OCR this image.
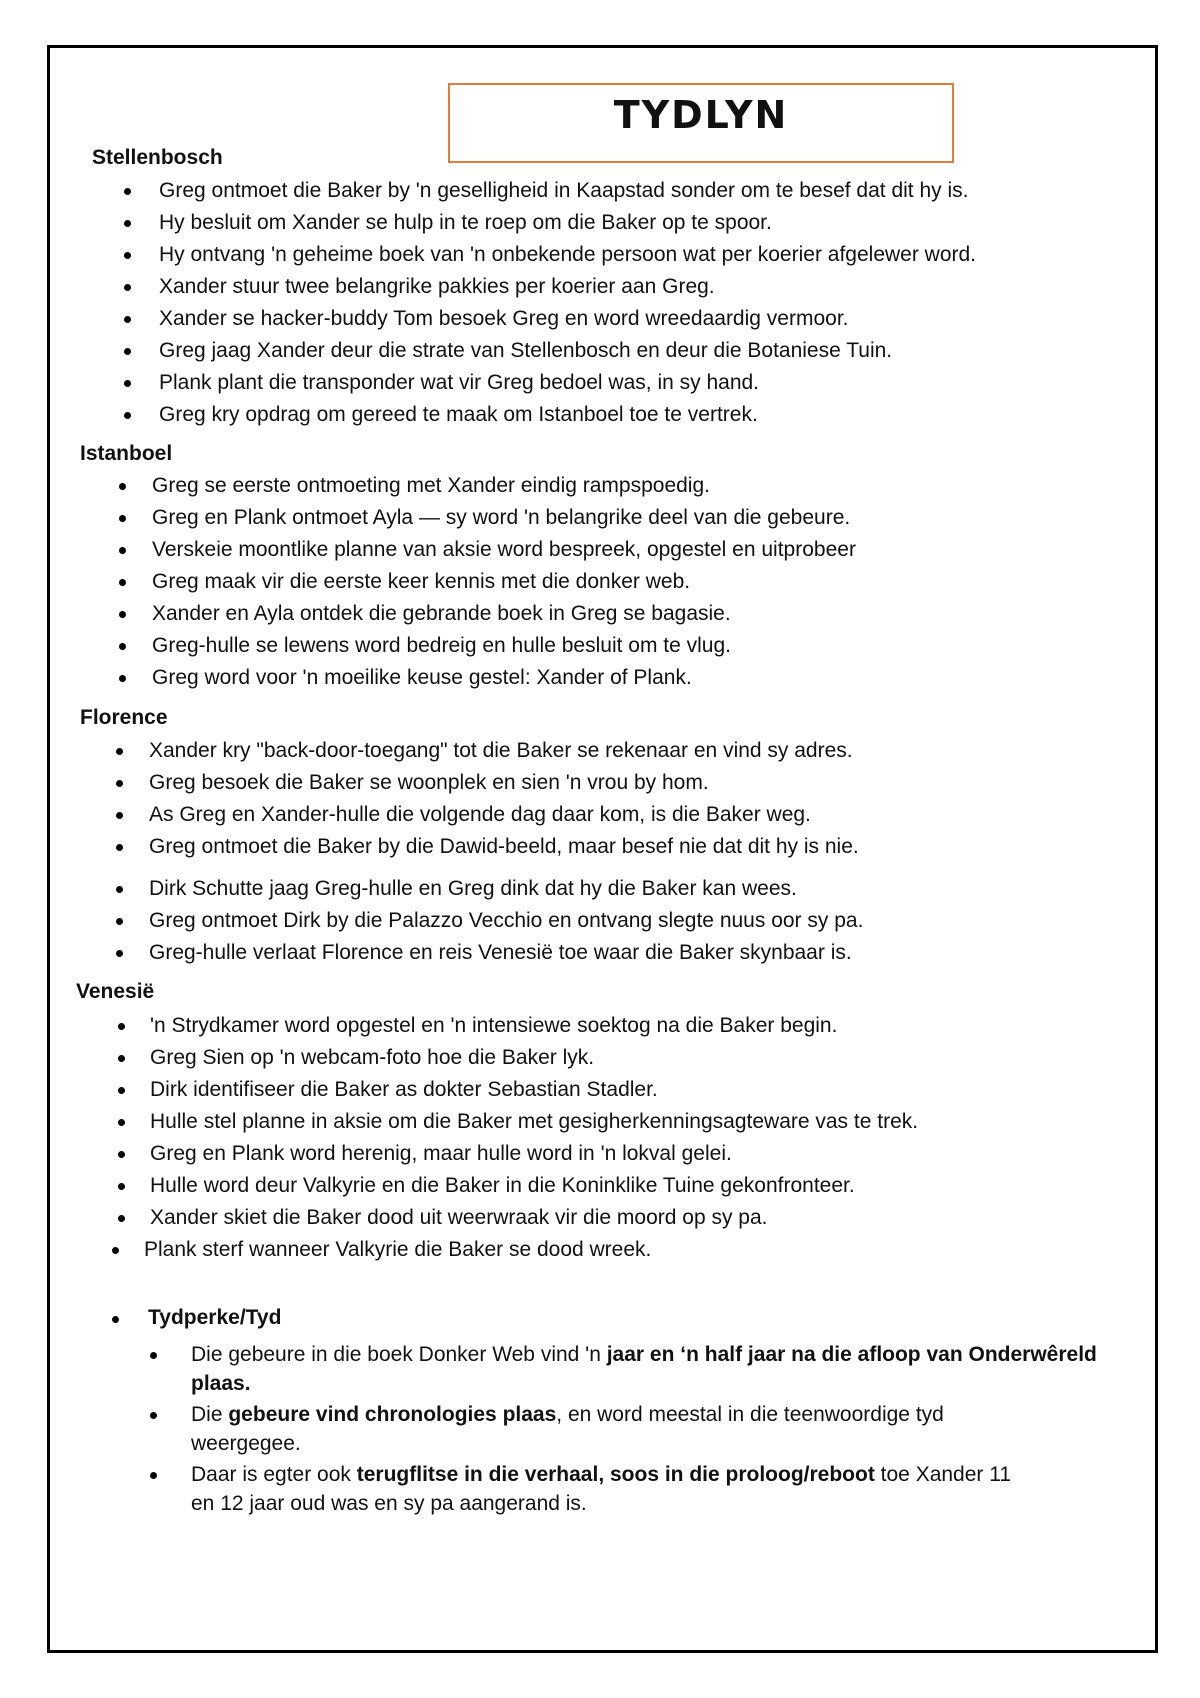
TYDLYN
Stellenbosch
Greg ontmoet die Baker by 'n geselligheid in Kaapstad sonder om te besef dat dit hy is.
Hy besluit om Xander se hulp in te roep om die Baker op te spoor.
Hy ontvang 'n geheime boek van 'n onbekende persoon wat per koerier afgelewer word.
Xander stuur twee belangrike pakkies per koerier aan Greg.
Xander se hacker-buddy Tom besoek Greg en word wreedaardig vermoor.
Greg jaag Xander deur die strate van Stellenbosch en deur die Botaniese Tuin.
Plank plant die transponder wat vir Greg bedoel was, in sy hand.
Greg kry opdrag om gereed te maak om Istanboel toe te vertrek.
Istanboel
Greg se eerste ontmoeting met Xander eindig rampspoedig.
Greg en Plank ontmoet Ayla — sy word 'n belangrike deel van die gebeure.
Verskeie moontlike planne van aksie word bespreek, opgestel en uitprobeer
Greg maak vir die eerste keer kennis met die donker web.
Xander en Ayla ontdek die gebrande boek in Greg se bagasie.
Greg-hulle se lewens word bedreig en hulle besluit om te vlug.
Greg word voor 'n moeilike keuse gestel: Xander of Plank.
Florence
Xander kry "back-door-toegang" tot die Baker se rekenaar en vind sy adres.
Greg besoek die Baker se woonplek en sien 'n vrou by hom.
As Greg en Xander-hulle die volgende dag daar kom, is die Baker weg.
Greg ontmoet die Baker by die Dawid-beeld, maar besef nie dat dit hy is nie.
Dirk Schutte jaag Greg-hulle en Greg dink dat hy die Baker kan wees.
Greg ontmoet Dirk by die Palazzo Vecchio en ontvang slegte nuus oor sy pa.
Greg-hulle verlaat Florence en reis Venesië toe waar die Baker skynbaar is.
Venesië
'n Strydkamer word opgestel en 'n intensiewe soektog na die Baker begin.
Greg Sien op 'n webcam-foto hoe die Baker lyk.
Dirk identifiseer die Baker as dokter Sebastian Stadler.
Hulle stel planne in aksie om die Baker met gesigherkenningsagteware vas te trek.
Greg en Plank word herenig, maar hulle word in 'n lokval gelei.
Hulle word deur Valkyrie en die Baker in die Koninklike Tuine gekonfronteer.
Xander skiet die Baker dood uit weerwraak vir die moord op sy pa.
Plank sterf wanneer Valkyrie die Baker se dood wreek.
Tydperke/Tyd
Die gebeure in die boek Donker Web vind 'n jaar en ‘n half jaar na die afloop van Onderwêreld plaas.
Die gebeure vind chronologies plaas, en word meestal in die teenwoordige tyd weergegee.
Daar is egter ook terugflitse in die verhaal, soos in die proloog/reboot toe Xander 11 en 12 jaar oud was en sy pa aangerand is.
